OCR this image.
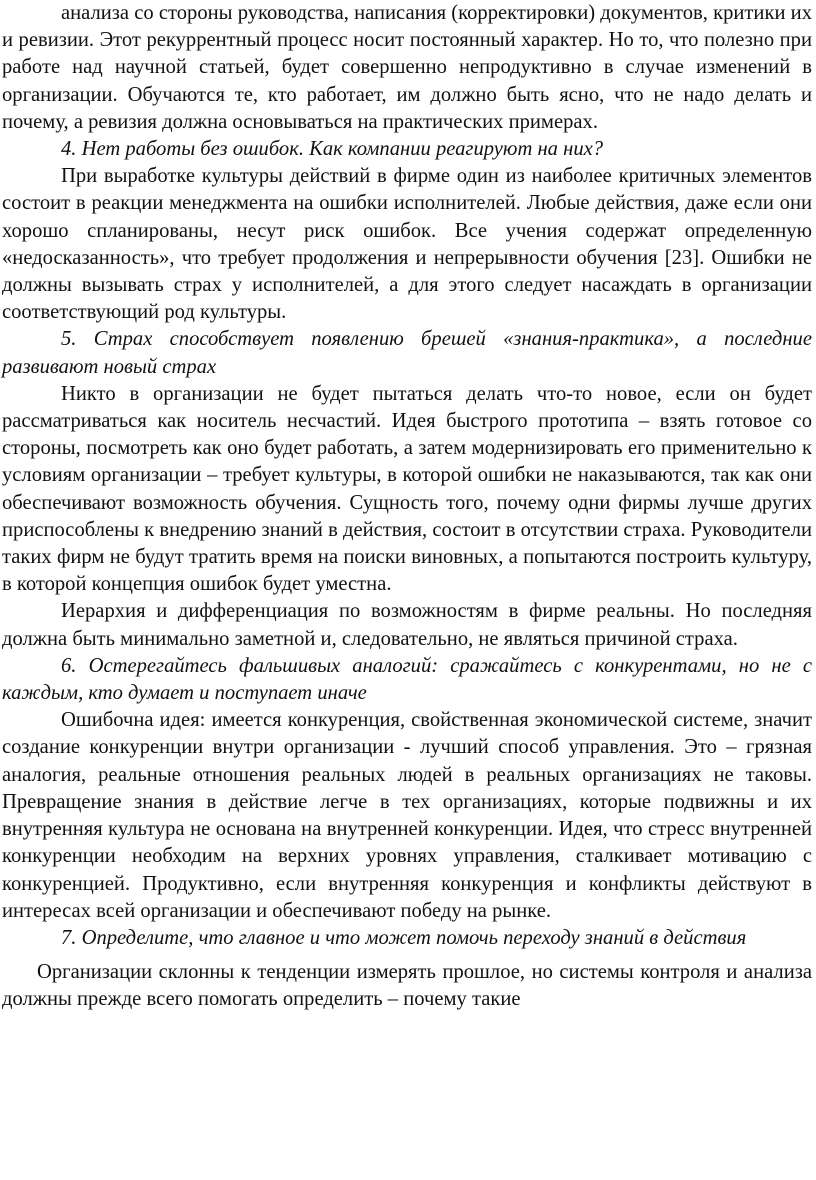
анализа со стороны руководства, написания (корректировки) документов, критики их и ревизии. Этот рекуррентный процесс носит постоянный характер. Но то, что полезно при работе над научной статьей, будет совершенно непродуктивно в случае изменений в организации. Обучаются те, кто работает, им должно быть ясно, что не надо делать и почему, а ревизия должна основываться на практических примерах.

4. Нет работы без ошибок. Как компании реагируют на них?

При выработке культуры действий в фирме один из наиболее критичных элементов состоит в реакции менеджмента на ошибки исполнителей. Любые действия, даже если они хорошо спланированы, несут риск ошибок. Все учения содержат определенную «недосказанность», что требует продолжения и непрерывности обучения [23]. Ошибки не должны вызывать страх у исполнителей, а для этого следует насаждать в организации соответствующий род культуры.

5. Страх способствует появлению брешей «знания-практика», а последние развивают новый страх

Никто в организации не будет пытаться делать что-то новое, если он будет рассматриваться как носитель несчастий. Идея быстрого прототипа – взять готовое со стороны, посмотреть как оно будет работать, а затем модернизировать его применительно к условиям организации – требует культуры, в которой ошибки не наказываются, так как они обеспечивают возможность обучения. Сущность того, почему одни фирмы лучше других приспособлены к внедрению знаний в действия, состоит в отсутствии страха. Руководители таких фирм не будут тратить время на поиски виновных, а попытаются построить культуру, в которой концепция ошибок будет уместна.

Иерархия и дифференциация по возможностям в фирме реальны. Но последняя должна быть минимально заметной и, следовательно, не являться причиной страха.

6. Остерегайтесь фальшивых аналогий: сражайтесь с конкурентами, но не с каждым, кто думает и поступает иначе

Ошибочна идея: имеется конкуренция, свойственная экономической системе, значит создание конкуренции внутри организации - лучший способ управления. Это – грязная аналогия, реальные отношения реальных людей в реальных организациях не таковы. Превращение знания в действие легче в тех организациях, которые подвижны и их внутренняя культура не основана на внутренней конкуренции. Идея, что стресс внутренней конкуренции необходим на верхних уровнях управления, сталкивает мотивацию с конкуренцией. Продуктивно, если внутренняя конкуренция и конфликты действуют в интересах всей организации и обеспечивают победу на рынке.

7. Определите, что главное и что может помочь переходу знаний в действия

Организации склонны к тенденции измерять прошлое, но системы контроля и анализа должны прежде всего помогать определить – почему такие
